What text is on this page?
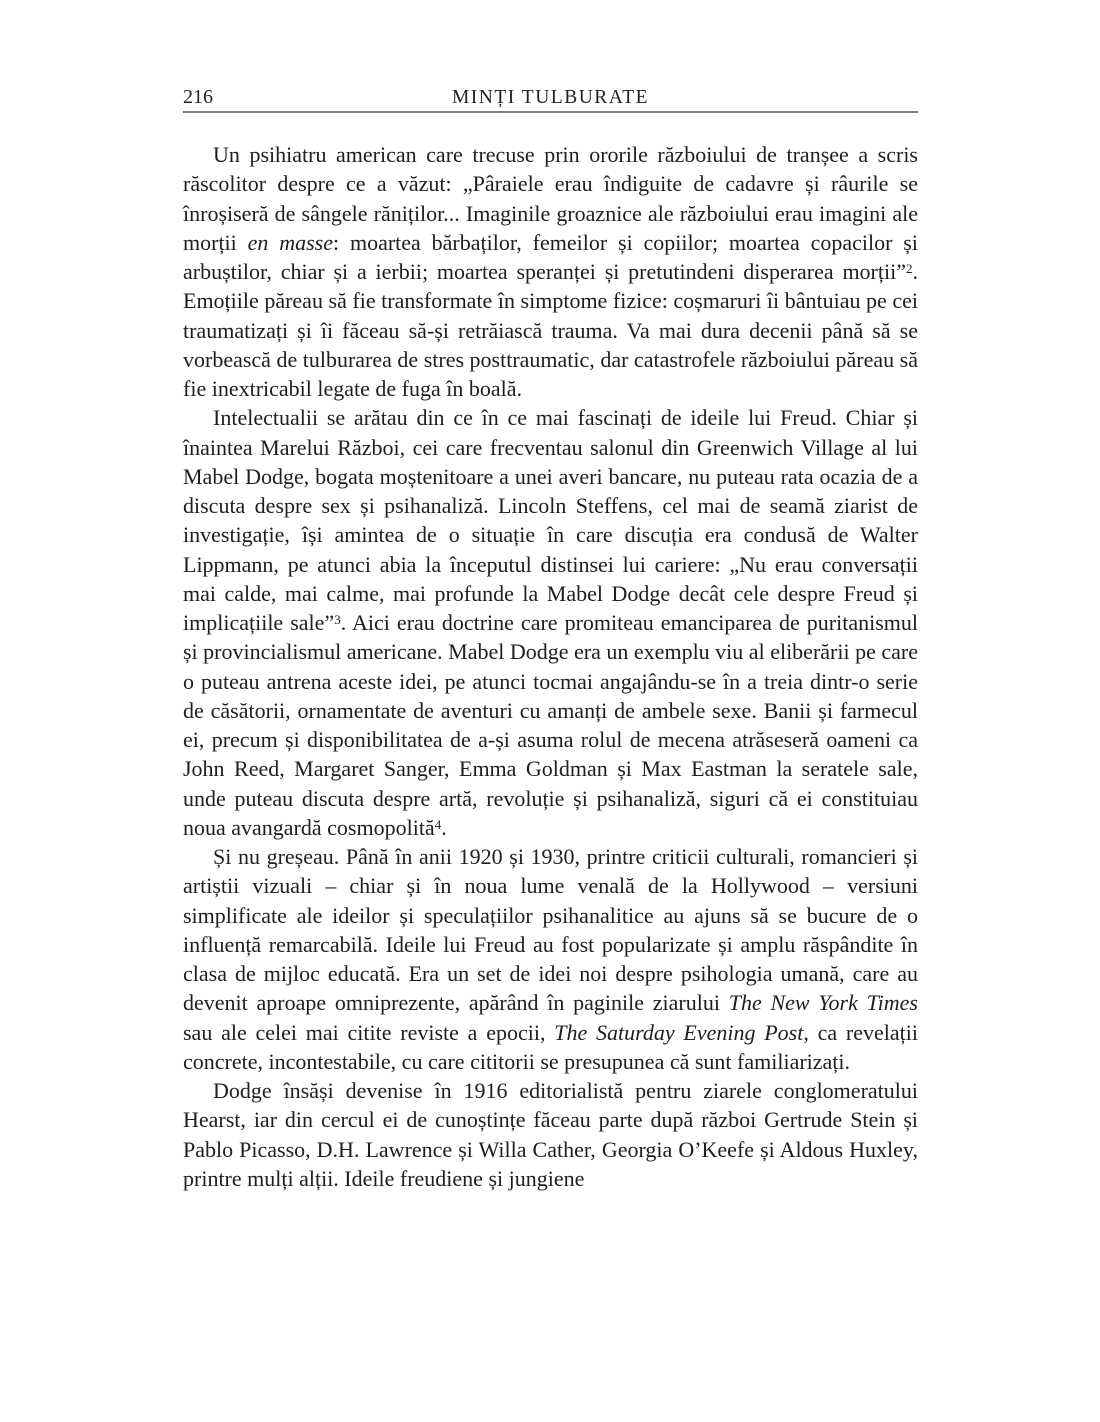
216	MINȚI TULBURATE

Un psihiatru american care trecuse prin ororile războiului de tranșee a scris răscolitor despre ce a văzut: „Pâraiele erau îndiguite de cadavre și râurile se înroșiseră de sângele răniților... Imaginile groaznice ale războiului erau imagini ale morții en masse: moartea bărbaților, femeilor și copiilor; moartea copacilor și arbuștilor, chiar și a ierbii; moartea speranței și pretutindeni disperarea morții”$^2$. Emoțiile păreau să fie transformate în simptome fizice: coșmaruri îi bântuiau pe cei traumatizați și îi făceau să-și retrăiască trauma. Va mai dura decenii până să se vorbească de tulburarea de stres posttraumatic, dar catastrofele războiului păreau să fie inextricabil legate de fuga în boală.

Intelectualii se arătau din ce în ce mai fascinați de ideile lui Freud. Chiar și înaintea Marelui Război, cei care frecventau salonul din Greenwich Village al lui Mabel Dodge, bogata moștenitoare a unei averi bancare, nu puteau rata ocazia de a discuta despre sex și psihanaliză. Lincoln Steffens, cel mai de seamă ziarist de investigație, își amintea de o situație în care discuția era condusă de Walter Lippmann, pe atunci abia la începutul distinsei lui cariere: „Nu erau conversații mai calde, mai calme, mai profunde la Mabel Dodge decât cele despre Freud și implicațiile sale”$^3$. Aici erau doctrine care promiteau emanciparea de puritanismul și provincialismul americane. Mabel Dodge era un exemplu viu al eliberării pe care o puteau antrena aceste idei, pe atunci tocmai angajându-se în a treia dintr-o serie de căsătorii, ornamentate de aventuri cu amanți de ambele sexe. Banii și farmecul ei, precum și disponibilitatea de a-și asuma rolul de mecena atrăseseră oameni ca John Reed, Margaret Sanger, Emma Goldman și Max Eastman la seratele sale, unde puteau discuta despre artă, revoluție și psihanaliză, siguri că ei constituiau noua avangardă cosmopolită$^4$.

Și nu greșeau. Până în anii 1920 și 1930, printre criticii culturali, romancieri și artiștii vizuali – chiar și în noua lume venală de la Hollywood – versiuni simplificate ale ideilor și speculațiilor psihanalitice au ajuns să se bucure de o influență remarcabilă. Ideile lui Freud au fost popularizate și amplu răspândite în clasa de mijloc educată. Era un set de idei noi despre psihologia umană, care au devenit aproape omniprezente, apărând în paginile ziarului The New York Times sau ale celei mai citite reviste a epocii, The Saturday Evening Post, ca revelații concrete, incontestabile, cu care cititorii se presupunea că sunt familiarizați.

Dodge însăși devenise în 1916 editorialistă pentru ziarele conglomeratului Hearst, iar din cercul ei de cunoștințe făceau parte după război Gertrude Stein și Pablo Picasso, D.H. Lawrence și Willa Cather, Georgia O’Keefe și Aldous Huxley, printre mulți alții. Ideile freudiene și jungiene
